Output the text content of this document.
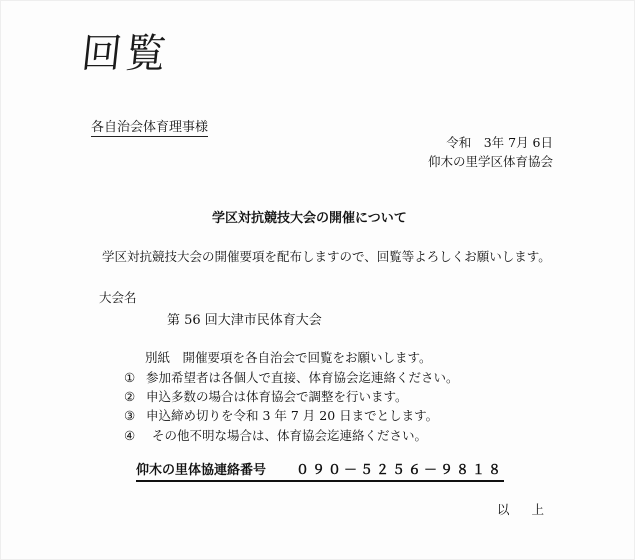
回覧
各自治会体育理事様
令和　3年 7月 6日
仰木の里学区体育協会
学区対抗競技大会の開催について
学区対抗競技大会の開催要項を配布しますので、回覧等よろしくお願いします。
大会名
第 56 回大津市民体育大会
別紙　開催要項を各自治会で回覧をお願いします。
① 参加希望者は各個人で直接、体育協会迄連絡ください。
② 申込多数の場合は体育協会で調整を行います。
③ 申込締め切りを令和 3 年 7 月 20 日までとします。
④ その他不明な場合は、体育協会迄連絡ください。
仰木の里体協連絡番号 ０９０－５２５６－９８１８
以上
